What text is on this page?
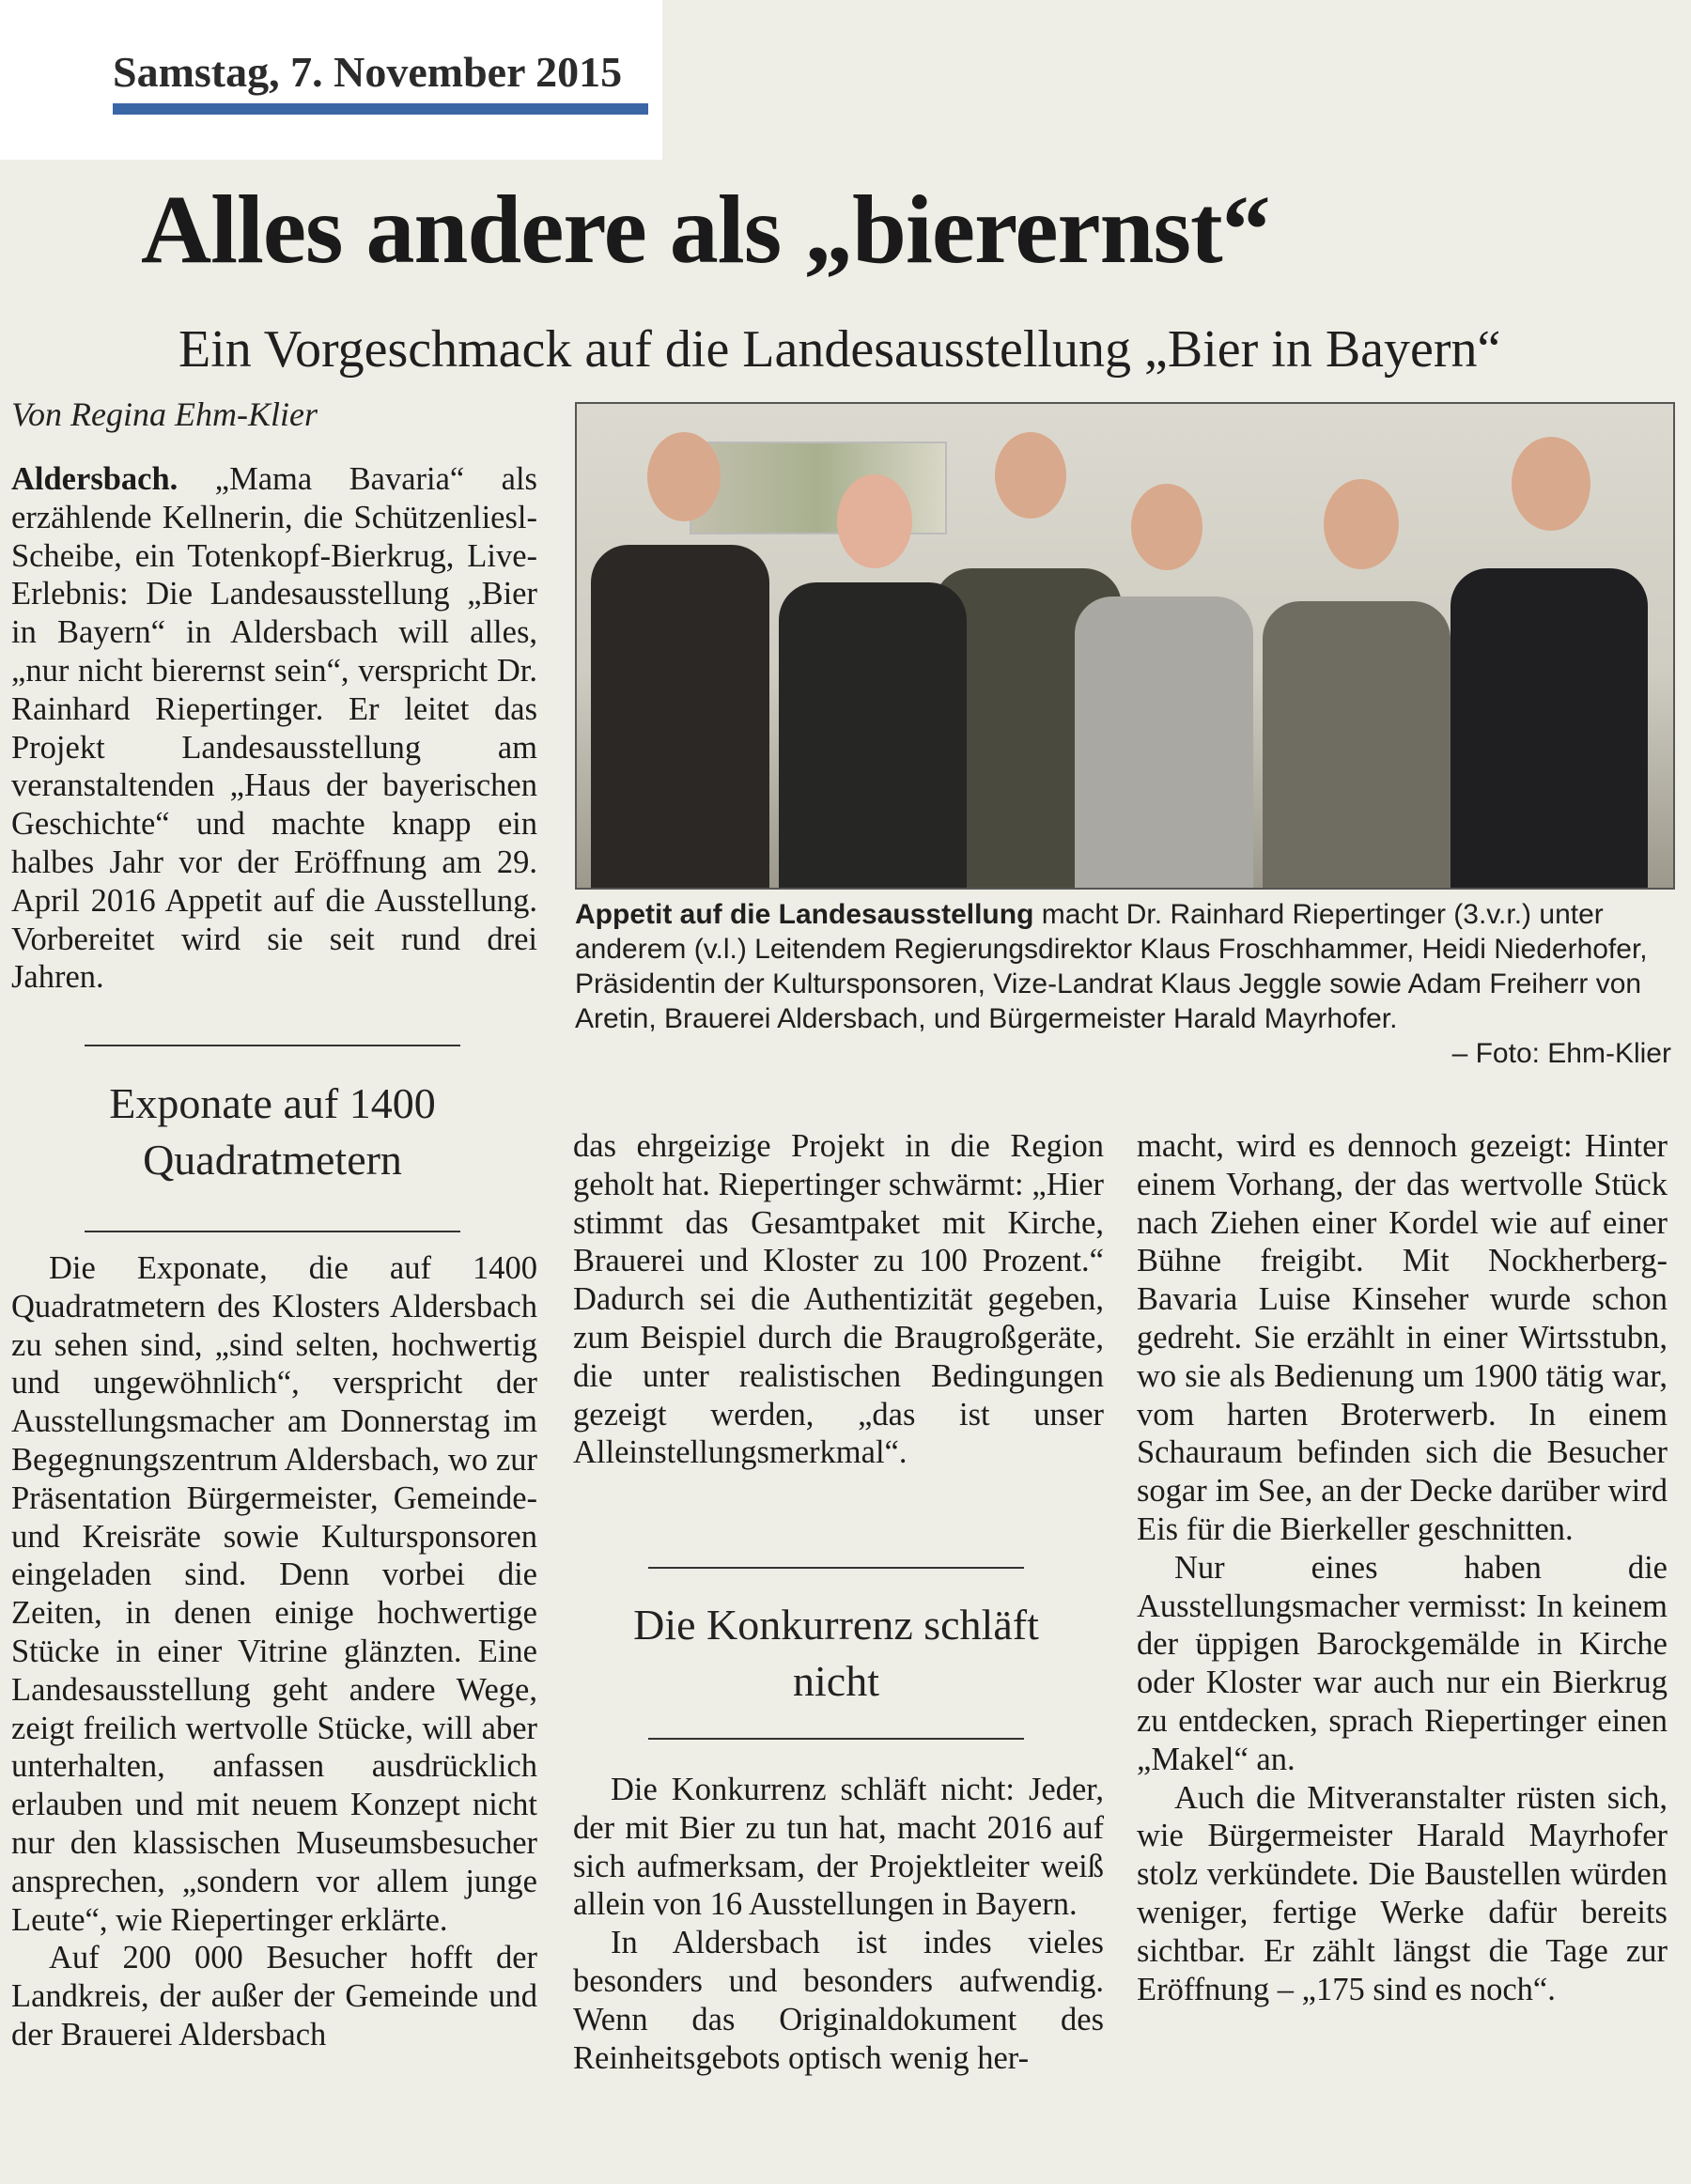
Samstag, 7. November 2015
Alles andere als „bierernst“
Ein Vorgeschmack auf die Landesausstellung „Bier in Bayern“
Von Regina Ehm-Klier

Aldersbach. „Mama Bavaria“ als erzählende Kellnerin, die Schützenliesl-Scheibe, ein Totenkopf-Bierkrug, Live-Erlebnis: Die Landesausstellung „Bier in Bayern“ in Aldersbach will alles, „nur nicht bierernst sein“, verspricht Dr. Rainhard Riepertinger. Er leitet das Projekt Landesausstellung am veranstaltenden „Haus der bayerischen Geschichte“ und machte knapp ein halbes Jahr vor der Eröffnung am 29. April 2016 Appetit auf die Ausstellung. Vorbereitet wird sie seit rund drei Jahren.

Exponate auf 1400 Quadratmetern

Die Exponate, die auf 1400 Quadratmetern des Klosters Aldersbach zu sehen sind, „sind selten, hochwertig und ungewöhnlich“, verspricht der Ausstellungsmacher am Donnerstag im Begegnungszentrum Aldersbach, wo zur Präsentation Bürgermeister, Gemeinde- und Kreisräte sowie Kultursponsoren eingeladen sind. Denn vorbei die Zeiten, in denen einige hochwertige Stücke in einer Vitrine glänzten. Eine Landesausstellung geht andere Wege, zeigt freilich wertvolle Stücke, will aber unterhalten, anfassen ausdrücklich erlauben und mit neuem Konzept nicht nur den klassischen Museumsbesucher ansprechen, „sondern vor allem junge Leute“, wie Riepertinger erklärte.

Auf 200 000 Besucher hofft der Landkreis, der außer der Gemeinde und der Brauerei Aldersbach

Appetit auf die Landesausstellung macht Dr. Rainhard Riepertinger (3.v.r.) unter anderem (v.l.) Leitendem Regierungsdirektor Klaus Froschhammer, Heidi Niederhofer, Präsidentin der Kultursponsoren, Vize-Landrat Klaus Jeggle sowie Adam Freiherr von Aretin, Brauerei Aldersbach, und Bürgermeister Harald Mayrhofer.
– Foto: Ehm-Klier

das ehrgeizige Projekt in die Region geholt hat. Riepertinger schwärmt: „Hier stimmt das Gesamtpaket mit Kirche, Brauerei und Kloster zu 100 Prozent.“ Dadurch sei die Authentizität gegeben, zum Beispiel durch die Braugroßgeräte, die unter realistischen Bedingungen gezeigt werden, „das ist unser Alleinstellungsmerkmal“.

Die Konkurrenz schläft nicht

Die Konkurrenz schläft nicht: Jeder, der mit Bier zu tun hat, macht 2016 auf sich aufmerksam, der Projektleiter weiß allein von 16 Ausstellungen in Bayern.

In Aldersbach ist indes vieles besonders und besonders aufwendig. Wenn das Originaldokument des Reinheitsgebots optisch wenig her-

macht, wird es dennoch gezeigt: Hinter einem Vorhang, der das wertvolle Stück nach Ziehen einer Kordel wie auf einer Bühne freigibt. Mit Nockherberg-Bavaria Luise Kinseher wurde schon gedreht. Sie erzählt in einer Wirtsstubn, wo sie als Bedienung um 1900 tätig war, vom harten Broterwerb. In einem Schauraum befinden sich die Besucher sogar im See, an der Decke darüber wird Eis für die Bierkeller geschnitten.

Nur eines haben die Ausstellungsmacher vermisst: In keinem der üppigen Barockgemälde in Kirche oder Kloster war auch nur ein Bierkrug zu entdecken, sprach Riepertinger einen „Makel“ an.

Auch die Mitveranstalter rüsten sich, wie Bürgermeister Harald Mayrhofer stolz verkündete. Die Baustellen würden weniger, fertige Werke dafür bereits sichtbar. Er zählt längst die Tage zur Eröffnung – „175 sind es noch“.
